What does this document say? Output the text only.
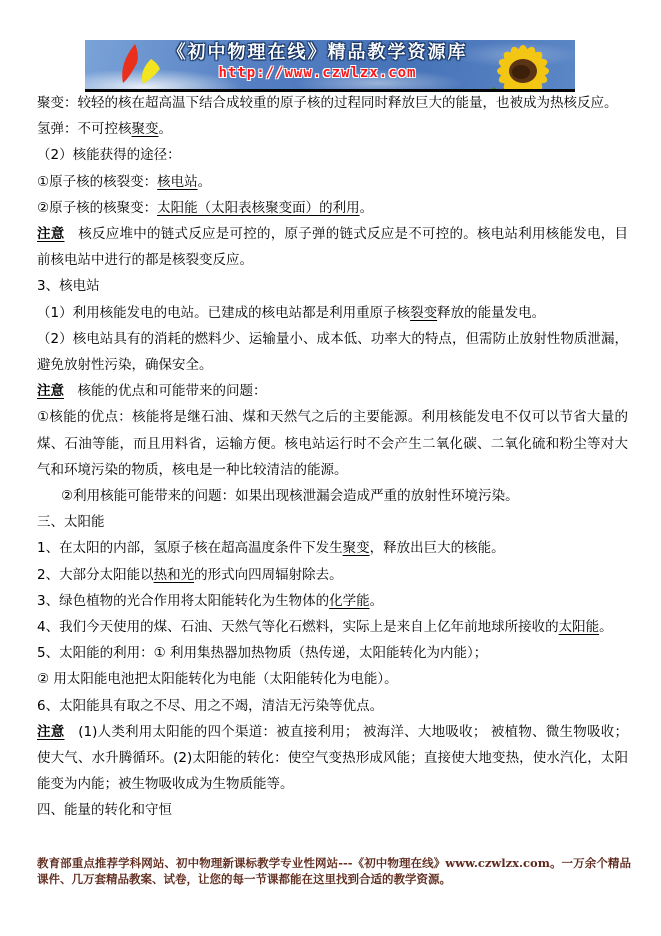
《初中物理在线》精品教学资源库
http://www.czwlzx.com

聚变：较轻的核在超高温下结合成较重的原子核的过程同时释放巨大的能量，也被成为热核反应。

氢弹：不可控核聚变。

（2）核能获得的途径：

①原子核的核裂变：核电站。

②原子核的核聚变：太阳能（太阳表核聚变面）的利用。

注意　核反应堆中的链式反应是可控的，原子弹的链式反应是不可控的。核电站利用核能发电，目前核电站中进行的都是核裂变反应。

3、核电站

（1）利用核能发电的电站。已建成的核电站都是利用重原子核裂变释放的能量发电。

（2）核电站具有的消耗的燃料少、运输量小、成本低、功率大的特点，但需防止放射性物质泄漏，避免放射性污染，确保安全。

注意　核能的优点和可能带来的问题：

①核能的优点：核能将是继石油、煤和天然气之后的主要能源。利用核能发电不仅可以节省大量的煤、石油等能，而且用料省，运输方便。核电站运行时不会产生二氧化碳、二氧化硫和粉尘等对大气和环境污染的物质，核电是一种比较清洁的能源。

②利用核能可能带来的问题：如果出现核泄漏会造成严重的放射性环境污染。

三、太阳能

1、在太阳的内部，氢原子核在超高温度条件下发生聚变，释放出巨大的核能。

2、大部分太阳能以热和光的形式向四周辐射除去。

3、绿色植物的光合作用将太阳能转化为生物体的化学能。

4、我们今天使用的煤、石油、天然气等化石燃料，实际上是来自上亿年前地球所接收的太阳能。

5、太阳能的利用：① 利用集热器加热物质（热传递，太阳能转化为内能）；

② 用太阳能电池把太阳能转化为电能（太阳能转化为电能）。

6、太阳能具有取之不尽、用之不竭，清洁无污染等优点。

注意　(1)人类利用太阳能的四个渠道：被直接利用； 被海洋、大地吸收； 被植物、微生物吸收； 使大气、水升腾循环。(2)太阳能的转化：使空气变热形成风能；直接使大地变热，使水汽化，太阳能变为内能；被生物吸收成为生物质能等。

四、能量的转化和守恒

教育部重点推荐学科网站、初中物理新课标教学专业性网站---《初中物理在线》www.czwlzx.com。一万余个精品课件、几万套精品教案、试卷，让您的每一节课都能在这里找到合适的教学资源。
